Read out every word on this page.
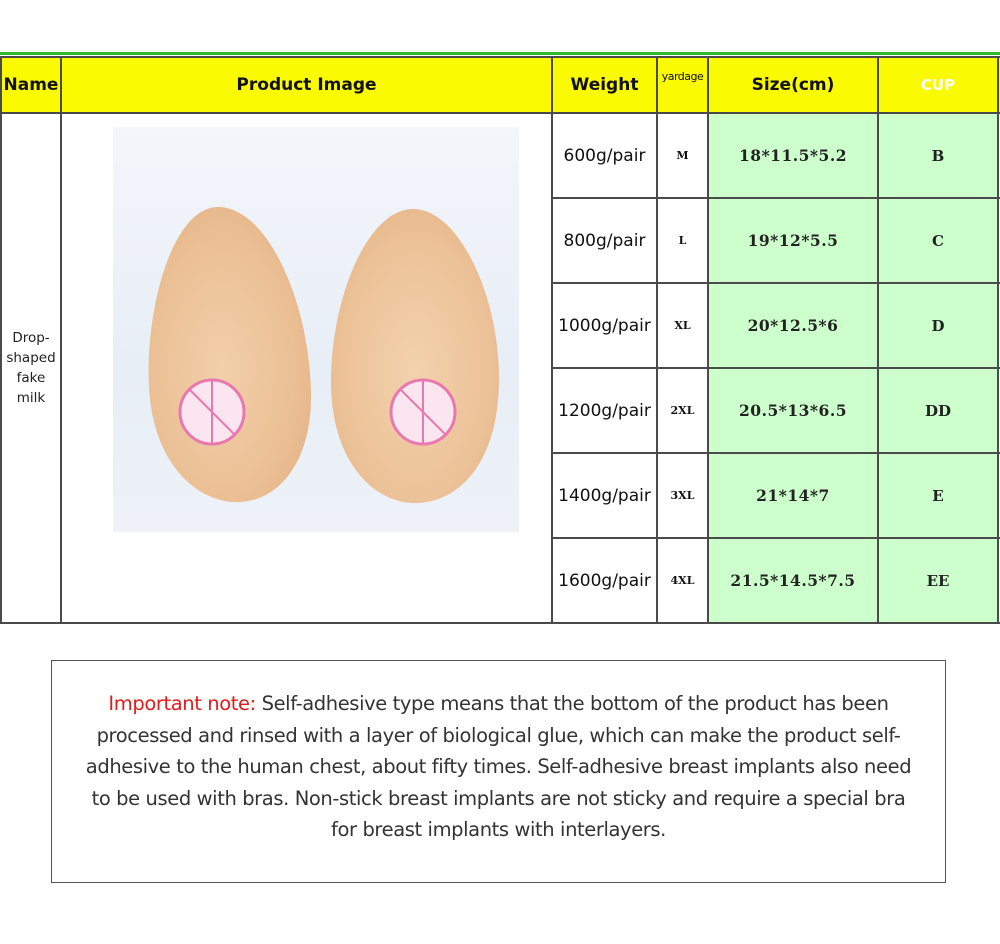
Name	Product Image	Weight	yardage	Size(cm)	CUP	
Drop-shaped fake milk		600g/pair	M	18*11.5*5.2	B	
		800g/pair	L	19*12*5.5	C	
		1000g/pair	XL	20*12.5*6	D	
		1200g/pair	2XL	20.5*13*6.5	DD	
		1400g/pair	3XL	21*14*7	E	
		1600g/pair	4XL	21.5*14.5*7.5	EE	
Important note: Self-adhesive type means that the bottom of the product has been processed and rinsed with a layer of biological glue, which can make the product self-adhesive to the human chest, about fifty times. Self-adhesive breast implants also need to be used with bras. Non-stick breast implants are not sticky and require a special bra for breast implants with interlayers.
